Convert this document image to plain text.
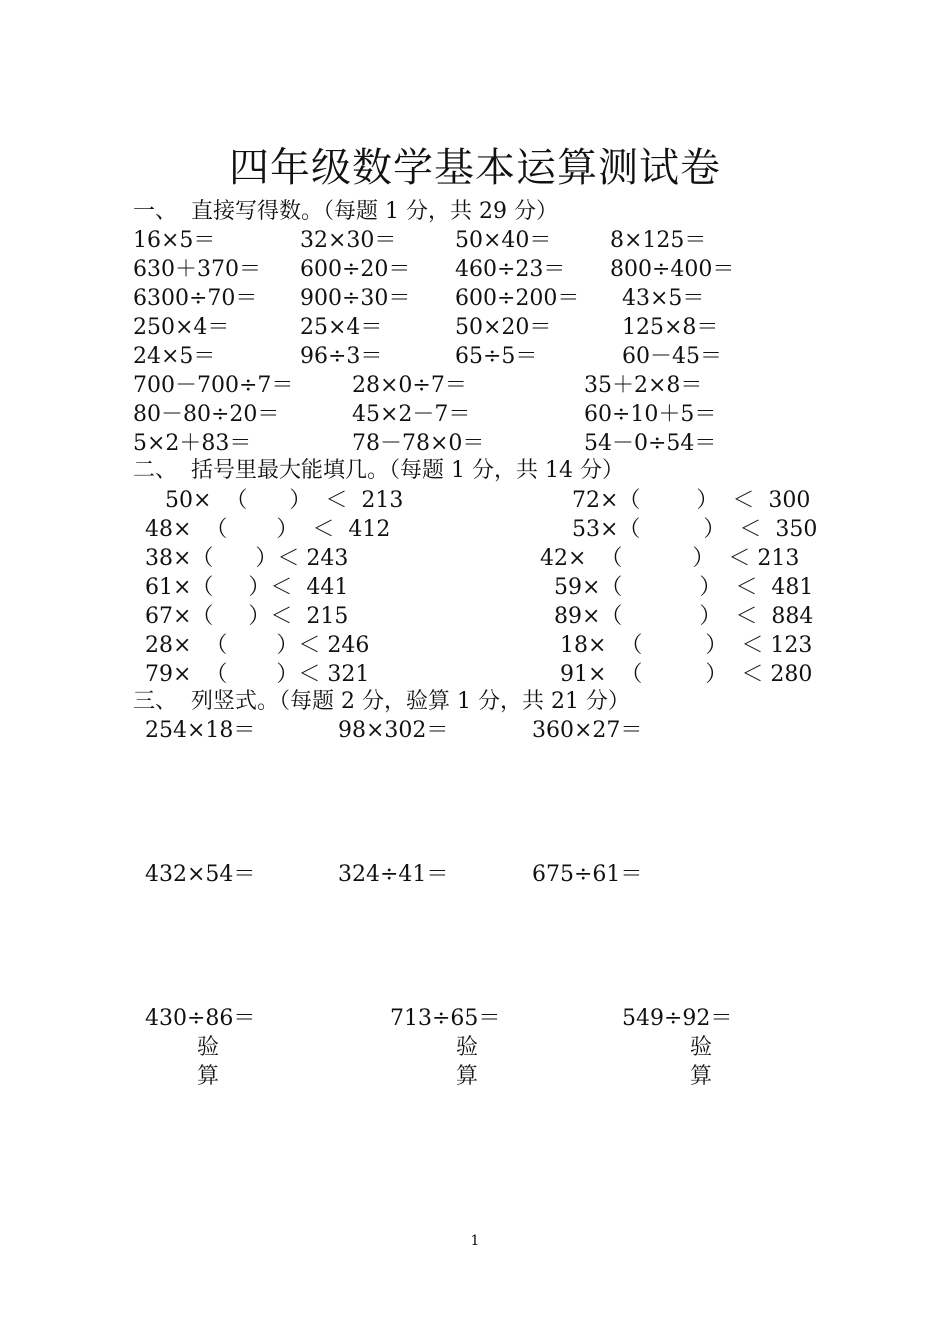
四年级数学基本运算测试卷
一、  直接写得数。（每题 1 分，共 29 分）
16×5＝	32×30＝	50×40＝	8×125＝
630＋370＝ 600÷20＝ 460÷23＝ 800÷400＝
6300÷70＝ 900÷30＝ 600÷200＝ 43×5＝
250×4＝	25×4＝	50×20＝	125×8＝
24×5＝	96÷3＝	65÷5＝	60－45＝
700－700÷7＝	28×0÷7＝	35＋2×8＝
80－80÷20＝	45×2－7＝	60÷10＋5＝
5×2＋83＝	78－78×0＝	54－0÷54＝
二、  括号里最大能填几。（每题 1 分，共 14 分）
50×  （      ）  ＜  213	72×（        ）  ＜  300
48×  （       ）  ＜  412	53×（         ）  ＜  350
38×（      ）＜ 243	42×  （          ）  ＜ 213
61×（     ）＜  441	59×（           ）  ＜  481
67×（     ）＜  215	89×（           ）  ＜  884
28×  （       ）＜ 246	18×  （         ）  ＜ 123
79×  （       ）＜ 321	91×  （         ）  ＜ 280
三、  列竖式。（每题 2 分，验算 1 分，共 21 分）
254×18＝	98×302＝	360×27＝
432×54＝	324÷41＝	675÷61＝
430÷86＝	713÷65＝	549÷92＝
验
算
验
算
验
算
1
